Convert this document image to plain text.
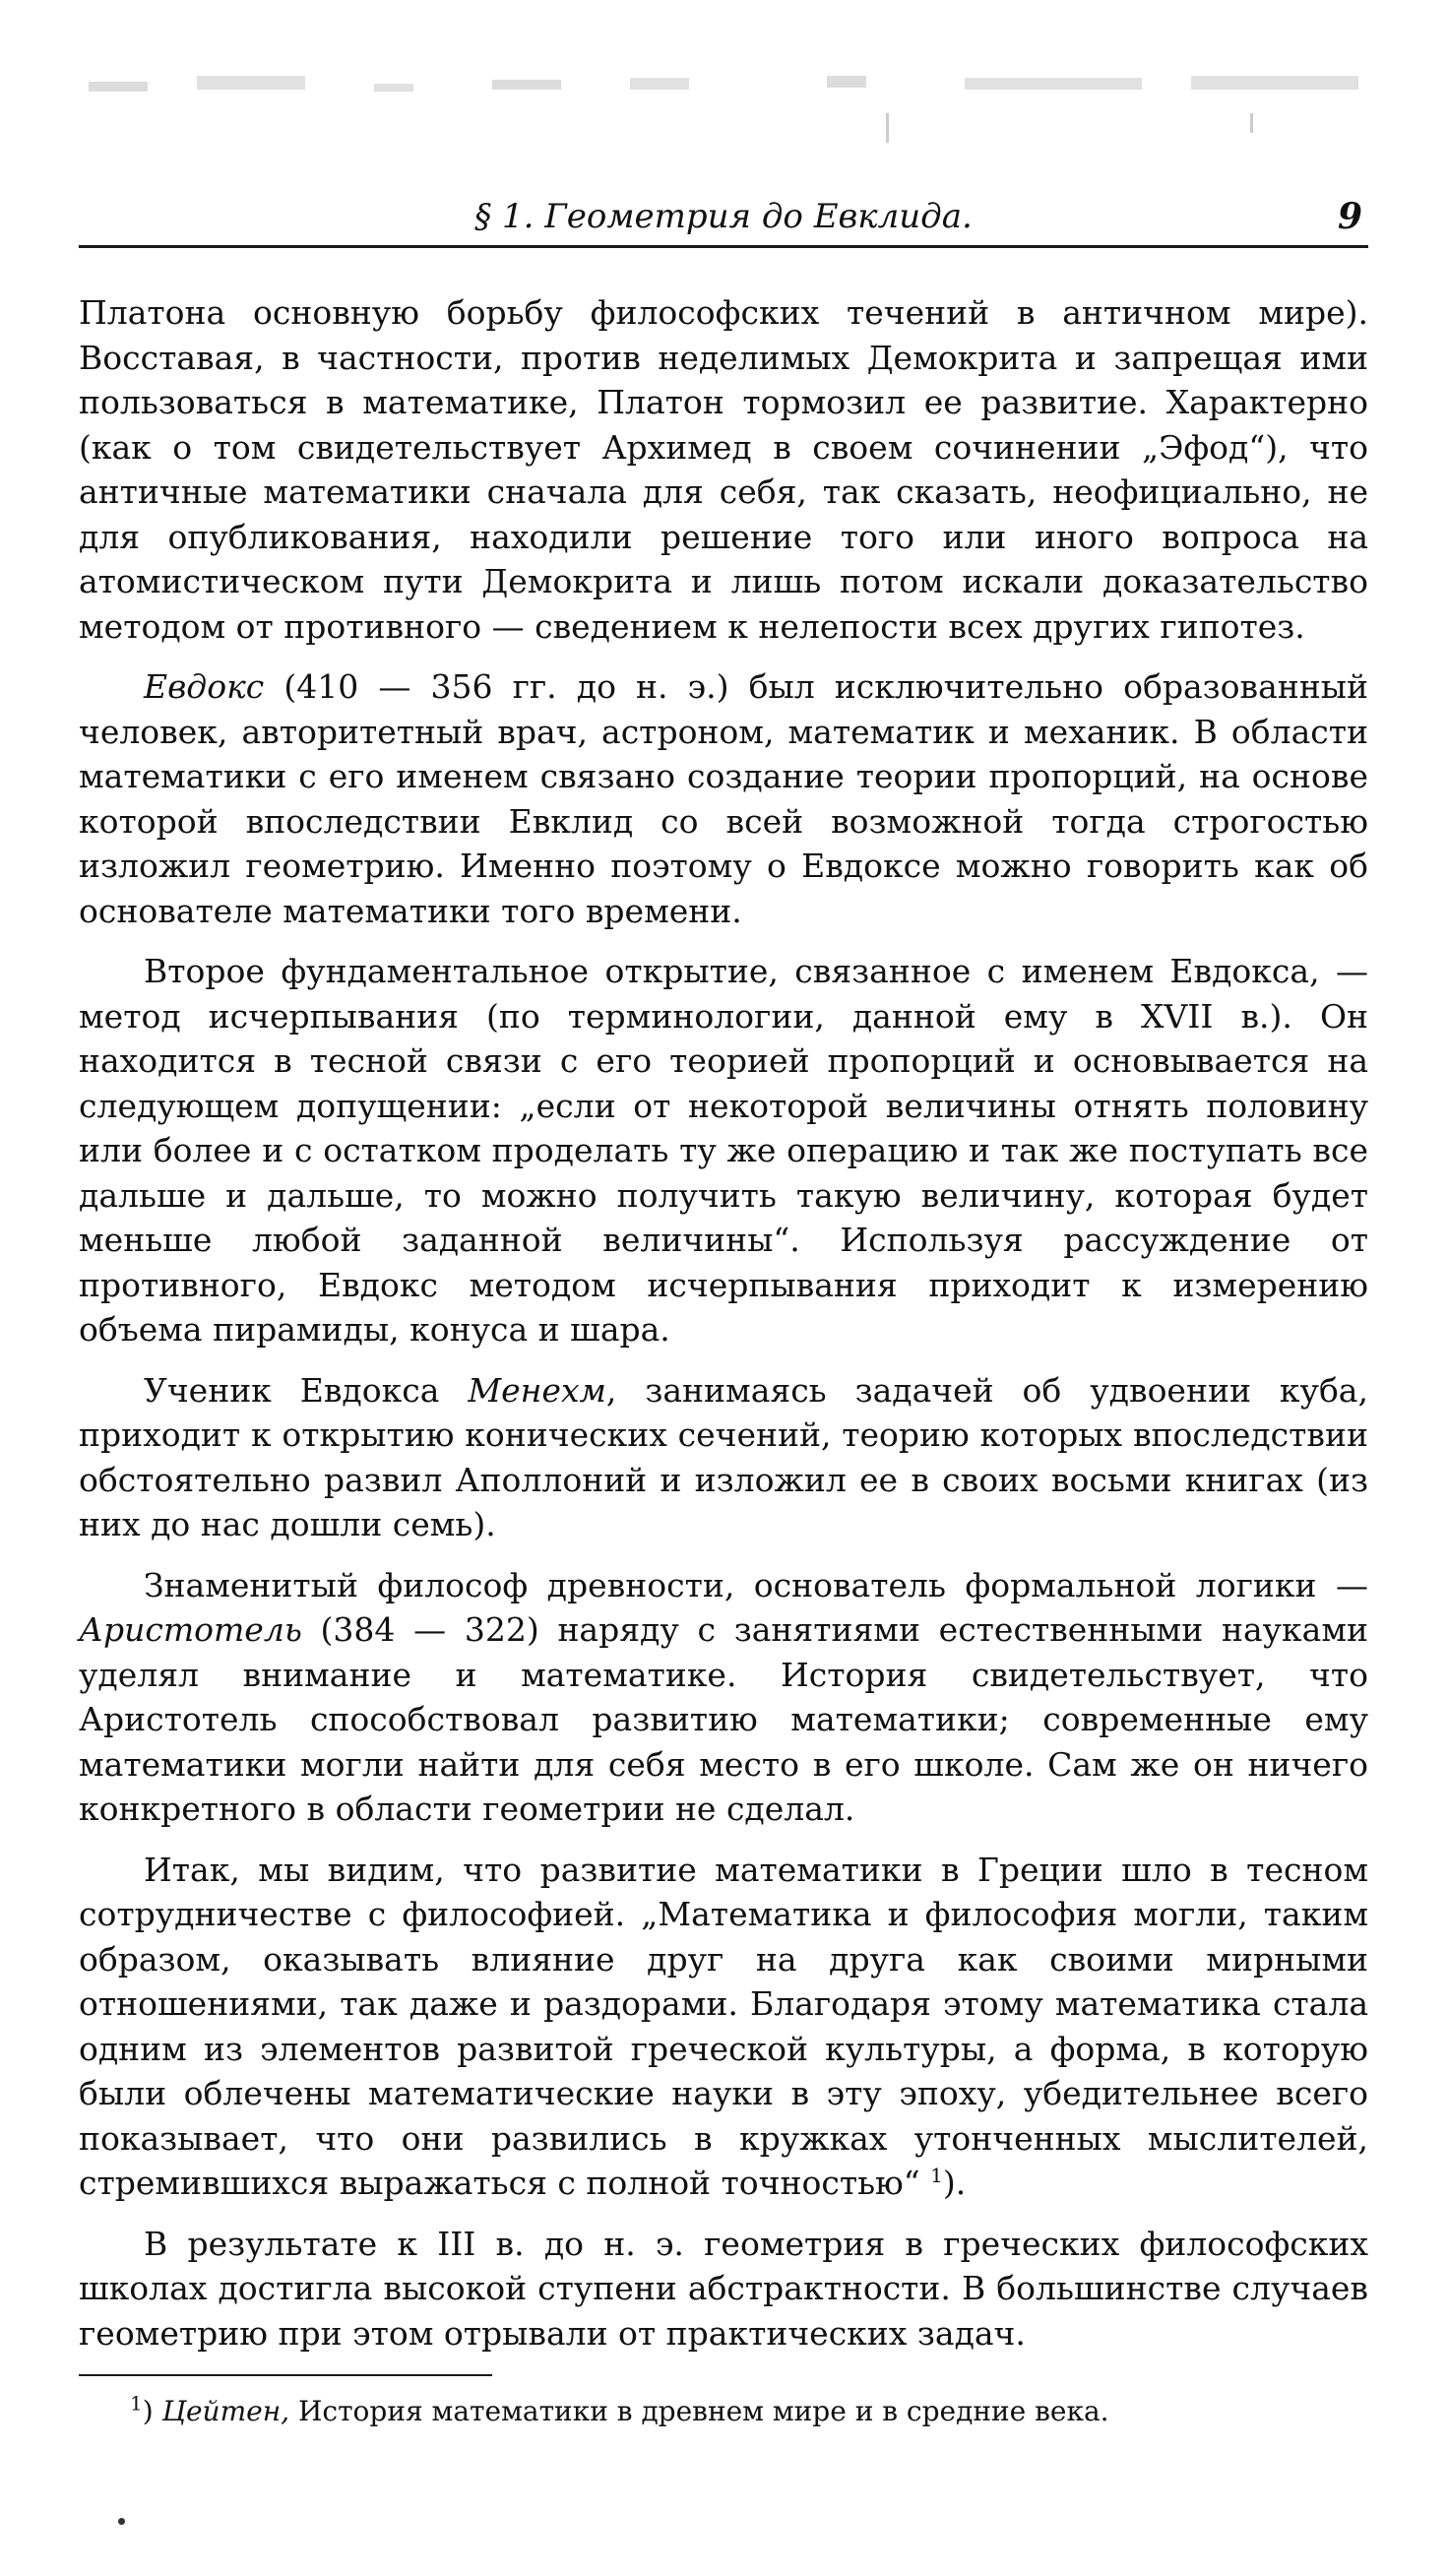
§ 1. Геометрия до Евклида.	9

Платона основную борьбу философских течений в античном мире). Восставая, в частности, против неделимых Демокрита и запрещая ими пользоваться в математике, Платон тормозил ее развитие. Характерно (как о том свидетельствует Архимед в своем сочинении „Эфод“), что античные математики сначала для себя, так сказать, неофициально, не для опубликования, находили решение того или иного вопроса на атомистическом пути Демокрита и лишь потом искали доказательство методом от противного — сведением к нелепости всех других гипотез.

Евдокс (410 — 356 гг. до н. э.) был исключительно образованный человек, авторитетный врач, астроном, математик и механик. В области математики с его именем связано создание теории пропорций, на основе которой впоследствии Евклид со всей возможной тогда строгостью изложил геометрию. Именно поэтому о Евдоксе можно говорить как об основателе математики того времени.

Второе фундаментальное открытие, связанное с именем Евдокса, — метод исчерпывания (по терминологии, данной ему в XVII в.). Он находится в тесной связи с его теорией пропорций и основывается на следующем допущении: „если от некоторой величины отнять половину или более и с остатком проделать ту же операцию и так же поступать все дальше и дальше, то можно получить такую величину, которая будет меньше любой заданной величины“. Используя рассуждение от противного, Евдокс методом исчерпывания приходит к измерению объема пирамиды, конуса и шара.

Ученик Евдокса Менехм, занимаясь задачей об удвоении куба, приходит к открытию конических сечений, теорию которых впоследствии обстоятельно развил Аполлоний и изложил ее в своих восьми книгах (из них до нас дошли семь).

Знаменитый философ древности, основатель формальной логики — Аристотель (384 — 322) наряду с занятиями естественными науками уделял внимание и математике. История свидетельствует, что Аристотель способствовал развитию математики; современные ему математики могли найти для себя место в его школе. Сам же он ничего конкретного в области геометрии не сделал.

Итак, мы видим, что развитие математики в Греции шло в тесном сотрудничестве с философией. „Математика и философия могли, таким образом, оказывать влияние друг на друга как своими мирными отношениями, так даже и раздорами. Благодаря этому математика стала одним из элементов развитой греческой культуры, а форма, в которую были облечены математические науки в эту эпоху, убедительнее всего показывает, что они развились в кружках утонченных мыслителей, стремившихся выражаться с полной точностью“ $^1$).

В результате к III в. до н. э. геометрия в греческих философских школах достигла высокой ступени абстрактности. В большинстве случаев геометрию при этом отрывали от практических задач.

$^1$) Цейтен, История математики в древнем мире и в средние века.
